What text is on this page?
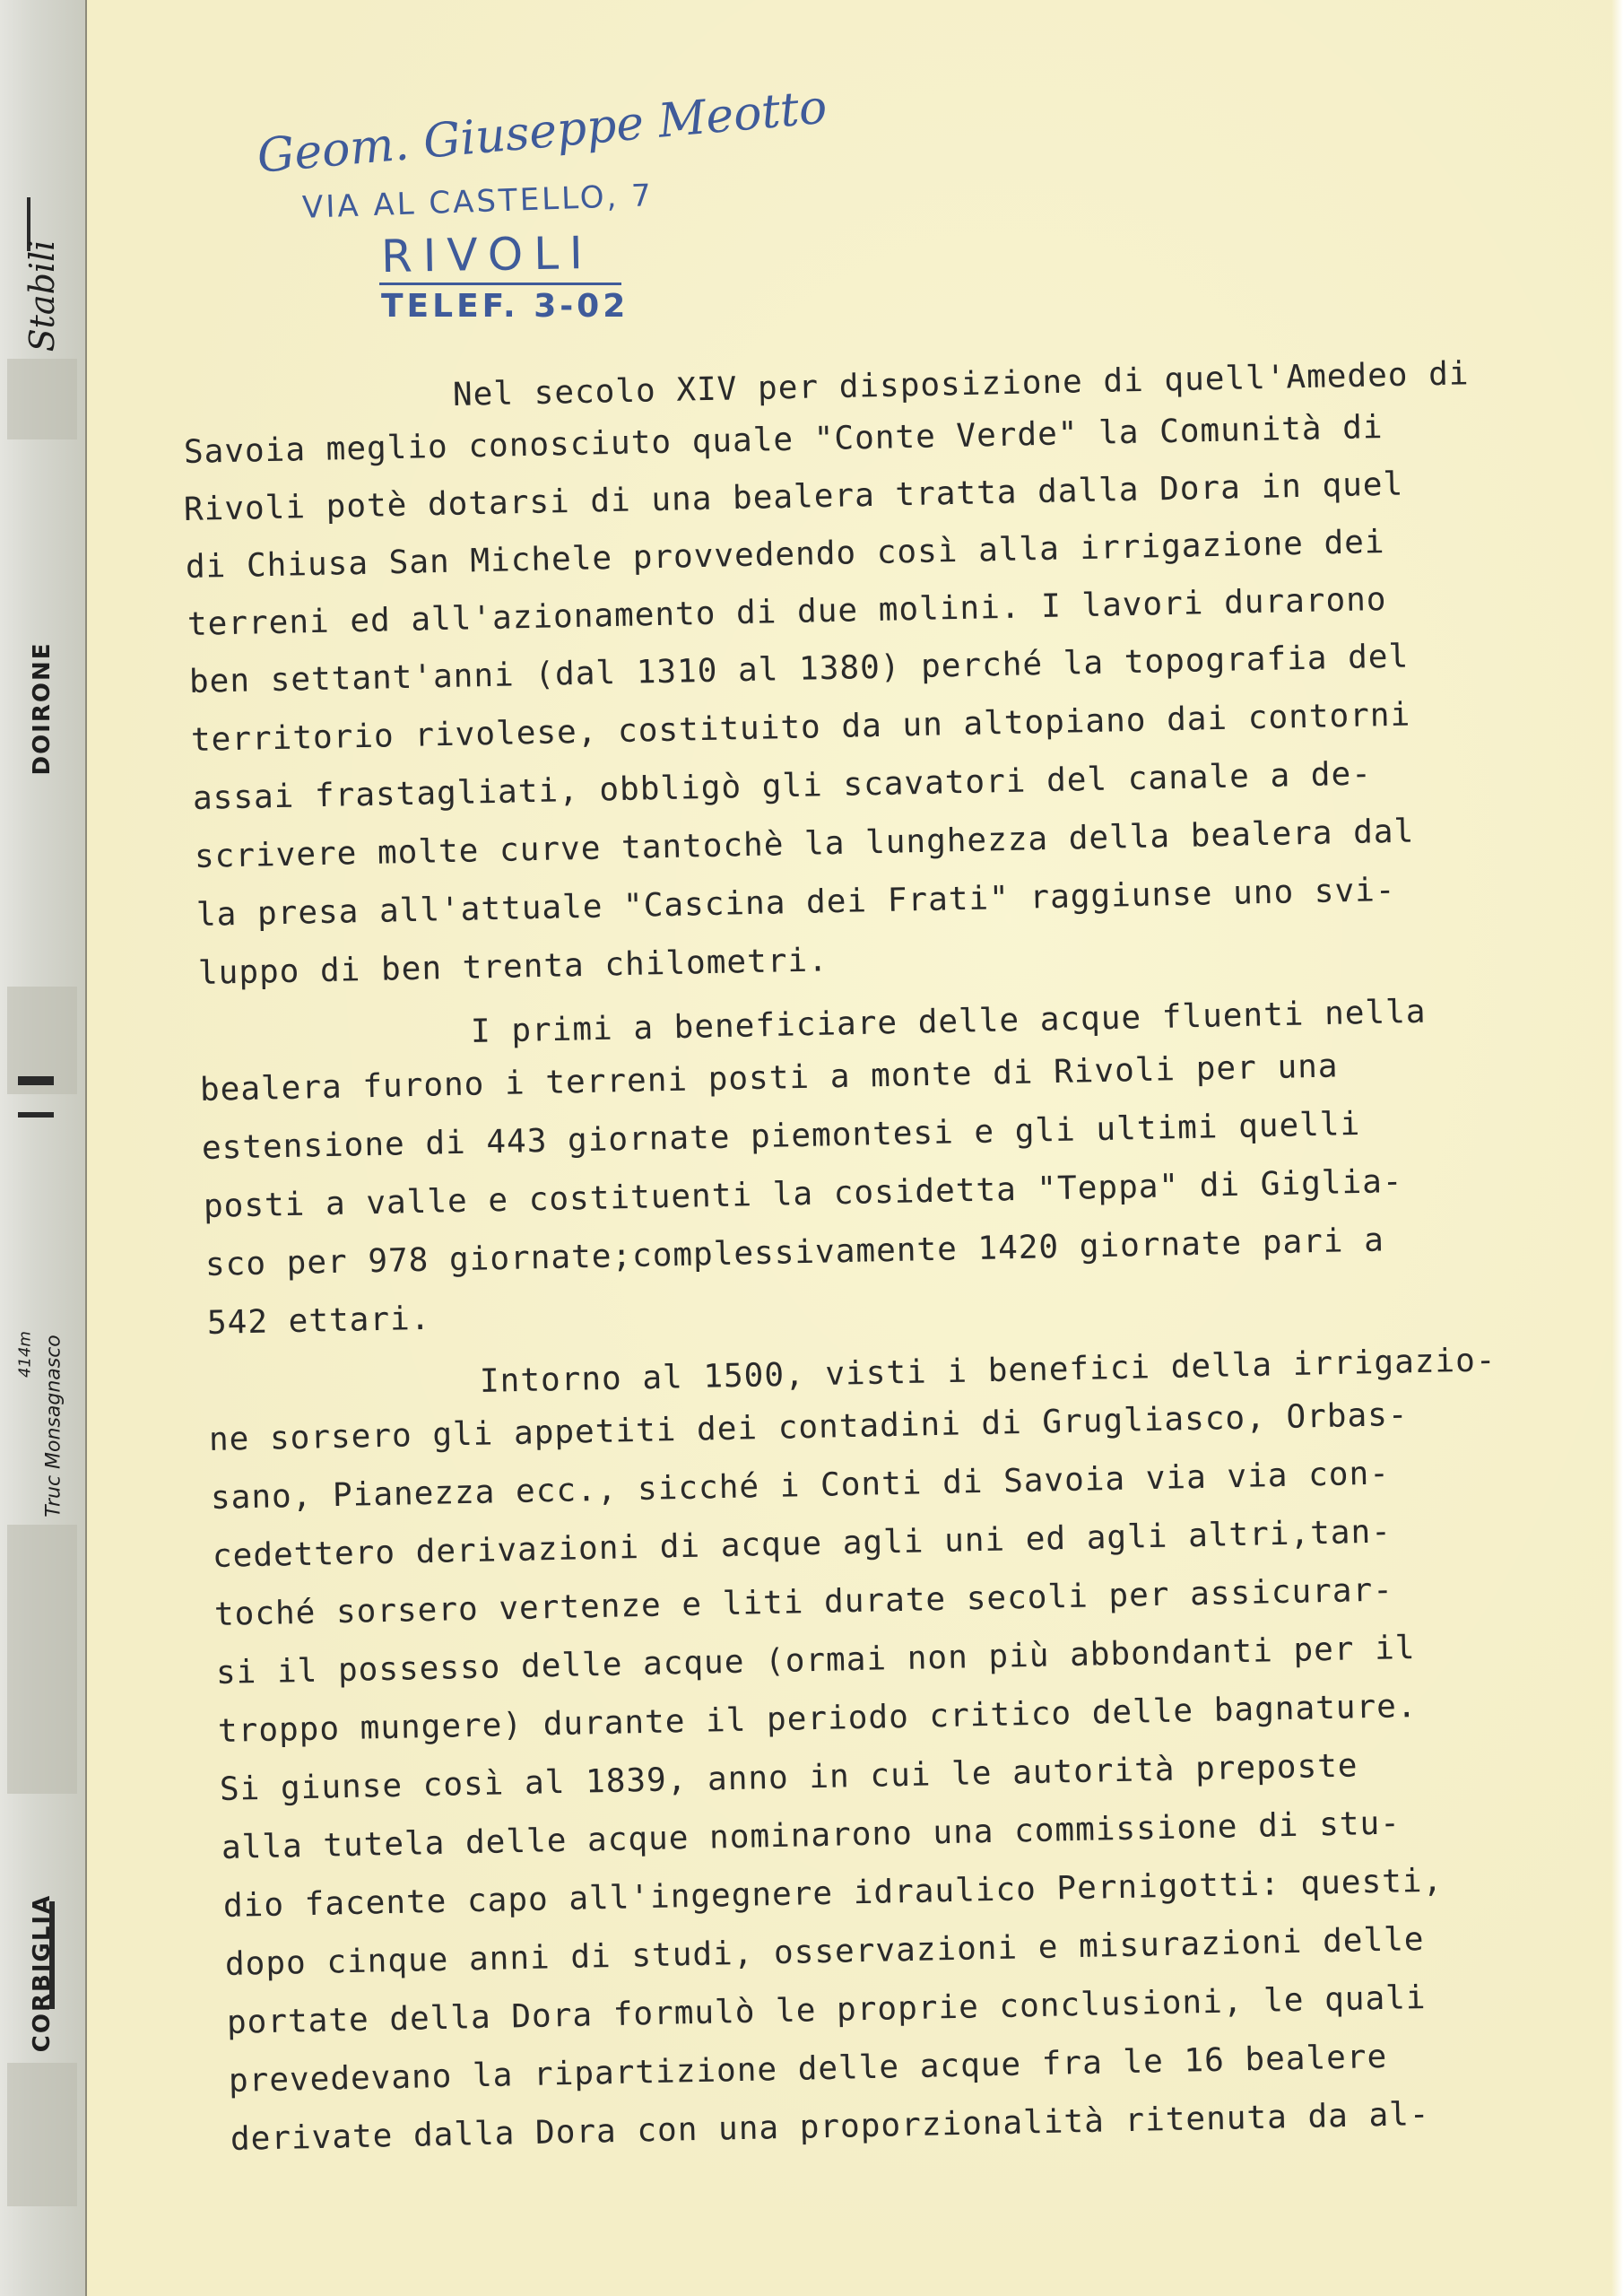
Stabili
DOIRONE
Truc Monsagnasco
414m
CORBIGLIA
Geom. Giuseppe Meotto
VIA AL CASTELLO, 7
RIVOLI
TELEF. 3-02
Nel secolo XIV per disposizione di quell'Amedeo di
Savoia meglio conosciuto quale "Conte Verde" la Comunità di
Rivoli potè dotarsi di una bealera tratta dalla Dora in quel
di Chiusa San Michele provvedendo così alla irrigazione dei
terreni ed all'azionamento di due molini. I lavori durarono
ben settant'anni (dal 1310 al 1380) perché la topografia del
territorio rivolese, costituito da un altopiano dai contorni
assai frastagliati, obbligò gli scavatori del canale a de-
scrivere molte curve tantochè la lunghezza della bealera dal
la presa all'attuale "Cascina dei Frati" raggiunse uno svi-
luppo di ben trenta chilometri.
I primi a beneficiare delle acque fluenti nella
bealera furono i terreni posti a monte di Rivoli per una
estensione di 443 giornate piemontesi e gli ultimi quelli
posti a valle e costituenti la cosidetta "Teppa" di Giglia-
sco per 978 giornate;complessivamente 1420 giornate pari a
542 ettari.
Intorno al 1500, visti i benefici della irrigazio-
ne sorsero gli appetiti dei contadini di Grugliasco, Orbas-
sano, Pianezza ecc., sicché i Conti di Savoia via via con-
cedettero derivazioni di acque agli uni ed agli altri,tan-
toché sorsero vertenze e liti durate secoli per assicurar-
si il possesso delle acque (ormai non più abbondanti per il
troppo mungere) durante il periodo critico delle bagnature.
Si giunse così al 1839, anno in cui le autorità preposte
alla tutela delle acque nominarono una commissione di stu-
dio facente capo all'ingegnere idraulico Pernigotti: questi,
dopo cinque anni di studi, osservazioni e misurazioni delle
portate della Dora formulò le proprie conclusioni, le quali
prevedevano la ripartizione delle acque fra le 16 bealere
derivate dalla Dora con una proporzionalità ritenuta da al-
